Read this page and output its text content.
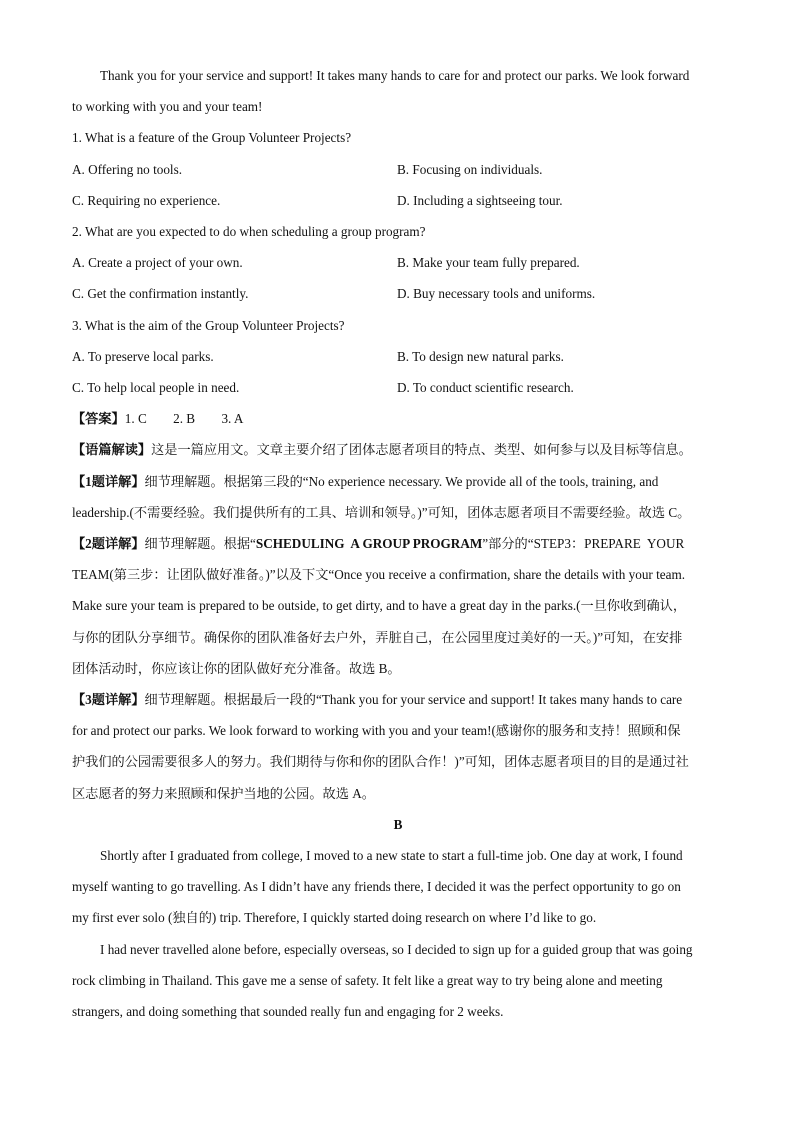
Thank you for your service and support! It takes many hands to care for and protect our parks. We look forward

to working with you and your team!

1. What is a feature of the Group Volunteer Projects?

A. Offering no tools.	B. Focusing on individuals.
C. Requiring no experience.	D. Including a sightseeing tour.

2. What are you expected to do when scheduling a group program?

A. Create a project of your own.	B. Make your team fully prepared.
C. Get the confirmation instantly.	D. Buy necessary tools and uniforms.

3. What is the aim of the Group Volunteer Projects?

A. To preserve local parks.	B. To design new natural parks.
C. To help local people in need.	D. To conduct scientific research.

【答案】1. C        2. B        3. A

【语篇解读】这是一篇应用文。文章主要介绍了团体志愿者项目的特点、类型、如何参与以及目标等信息。

【1题详解】细节理解题。根据第三段的“No experience necessary. We provide all of the tools, training, and

leadership.(不需要经验。我们提供所有的工具、培训和领导。)”可知，团体志愿者项目不需要经验。故选 C。

【2题详解】细节理解题。根据“SCHEDULING  A GROUP PROGRAM”部分的“STEP3：PREPARE  YOUR

TEAM(第三步：让团队做好准备。)”以及下文“Once you receive a confirmation, share the details with your team.

Make sure your team is prepared to be outside, to get dirty, and to have a great day in the parks.(一旦你收到确认，

与你的团队分享细节。确保你的团队准备好去户外，弄脏自己，在公园里度过美好的一天。)”可知，在安排

团体活动时，你应该让你的团队做好充分准备。故选 B。

【3题详解】细节理解题。根据最后一段的“Thank you for your service and support! It takes many hands to care

for and protect our parks. We look forward to working with you and your team!(感谢你的服务和支持！照顾和保

护我们的公园需要很多人的努力。我们期待与你和你的团队合作！)”可知，团体志愿者项目的目的是通过社

区志愿者的努力来照顾和保护当地的公园。故选 A。

B

Shortly after I graduated from college, I moved to a new state to start a full-time job. One day at work, I found

myself wanting to go travelling. As I didn’t have any friends there, I decided it was the perfect opportunity to go on

my first ever solo (独自的) trip. Therefore, I quickly started doing research on where I’d like to go.

I had never travelled alone before, especially overseas, so I decided to sign up for a guided group that was going

rock climbing in Thailand. This gave me a sense of safety. It felt like a great way to try being alone and meeting

strangers, and doing something that sounded really fun and engaging for 2 weeks.
